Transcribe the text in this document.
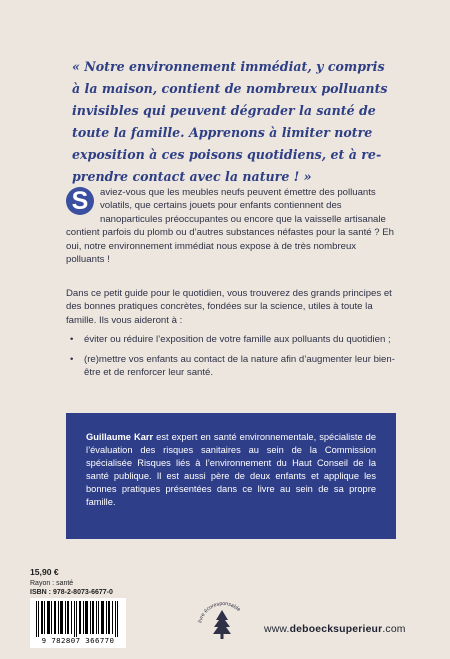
« Notre environnement immédiat, y compris
à la maison, contient de nombreux polluants
invisibles qui peuvent dégrader la santé de
toute la famille. Apprenons à limiter notre
exposition à ces poisons quotidiens, et à re-
prendre contact avec la nature ! »
S	aviez-vous que les meubles neufs peuvent émettre des polluants volatils, que certains jouets pour enfants contiennent des nanoparticules préoccupantes ou encore que la vaisselle artisanale contient parfois du plomb ou d’autres substances néfastes pour la santé ? Eh oui, notre environnement immédiat nous expose à de très nombreux polluants !

Dans ce petit guide pour le quotidien, vous trouverez des grands principes et des bonnes pratiques concrètes, fondées sur la science, utiles à toute la famille. Ils vous aideront à :

• éviter ou réduire l’exposition de votre famille aux polluants du quotidien ;
• (re)mettre vos enfants au contact de la nature afin d’augmenter leur bien-être et de renforcer leur santé.
Guillaume Karr est expert en santé environnementale, spécialiste de l’évaluation des risques sanitaires au sein de la Commission spécialisée Risques liés à l’environnement du Haut Conseil de la santé publique. Il est aussi père de deux enfants et applique les bonnes pratiques présentées dans ce livre au sein de sa propre famille.
15,90 €
Rayon : santé
ISBN : 978-2-8073-6677-0
9 782807 366770
livre écoresponsable
www.deboecksuperieur.com
